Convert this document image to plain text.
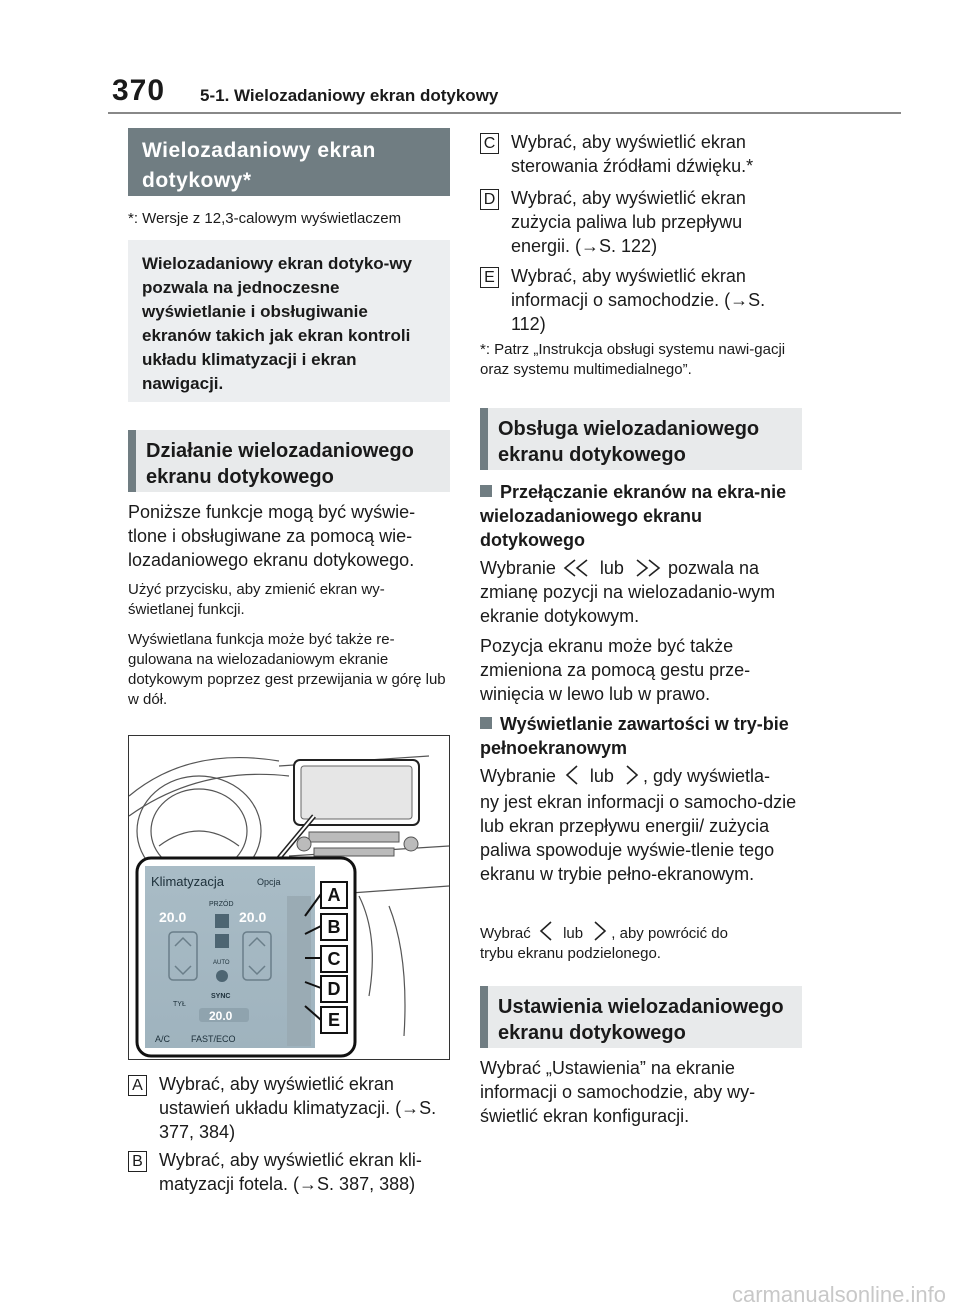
370 5-1. Wielozadaniowy ekran dotykowy
Wielozadaniowy ekran dotykowy*
*: Wersje z 12,3-calowym wyświetlaczem
Wielozadaniowy ekran dotyko-wy pozwala na jednoczesne wyświetlanie i obsługiwanie ekranów takich jak ekran kontroli układu klimatyzacji i ekran nawigacji.
Działanie wielozadaniowego ekranu dotykowego
Poniższe funkcje mogą być wyświe-tlone i obsługiwane za pomocą wie-lozadaniowego ekranu dotykowego.
Użyć przycisku, aby zmienić ekran wy-świetlanej funkcji.
Wyświetlana funkcja może być także re-gulowana na wielozadaniowym ekranie dotykowym poprzez gest przewijania w górę lub w dół.
Klimatyzacja	Opcja
PRZÓD
20.0	20.0
AUTO
SYNC
TYŁ
20.0
A/C FAST/ECO
A
B
C
D
E
A Wybrać, aby wyświetlić ekran ustawień układu klimatyzacji. (→S. 377, 384)
B Wybrać, aby wyświetlić ekran kli-matyzacji fotela. (→S. 387, 388)
C Wybrać, aby wyświetlić ekran sterowania źródłami dźwięku.*
D Wybrać, aby wyświetlić ekran zużycia paliwa lub przepływu energii. (→S. 122)
E Wybrać, aby wyświetlić ekran informacji o samochodzie. (→S. 112)
*: Patrz „Instrukcja obsługi systemu nawi-gacji oraz systemu multimedialnego”.
Obsługa wielozadaniowego ekranu dotykowego
Przełączanie ekranów na ekra-nie wielozadaniowego ekranu dotykowego
Wybranie lub pozwala na
zmianę pozycji na wielozadanio-wym ekranie dotykowym.
Pozycja ekranu może być także zmieniona za pomocą gestu prze-winięcia w lewo lub w prawo.
Wyświetlanie zawartości w try-bie pełnoekranowym
Wybranie lub , gdy wyświetla-
ny jest ekran informacji o samocho-dzie lub ekran przepływu energii/ zużycia paliwa spowoduje wyświe-tlenie tego ekranu w trybie pełno-ekranowym.
Wybrać lub , aby powrócić do
trybu ekranu podzielonego.
Ustawienia wielozadaniowego ekranu dotykowego
Wybrać „Ustawienia” na ekranie informacji o samochodzie, aby wy-świetlić ekran konfiguracji.
carmanualsonline.info
